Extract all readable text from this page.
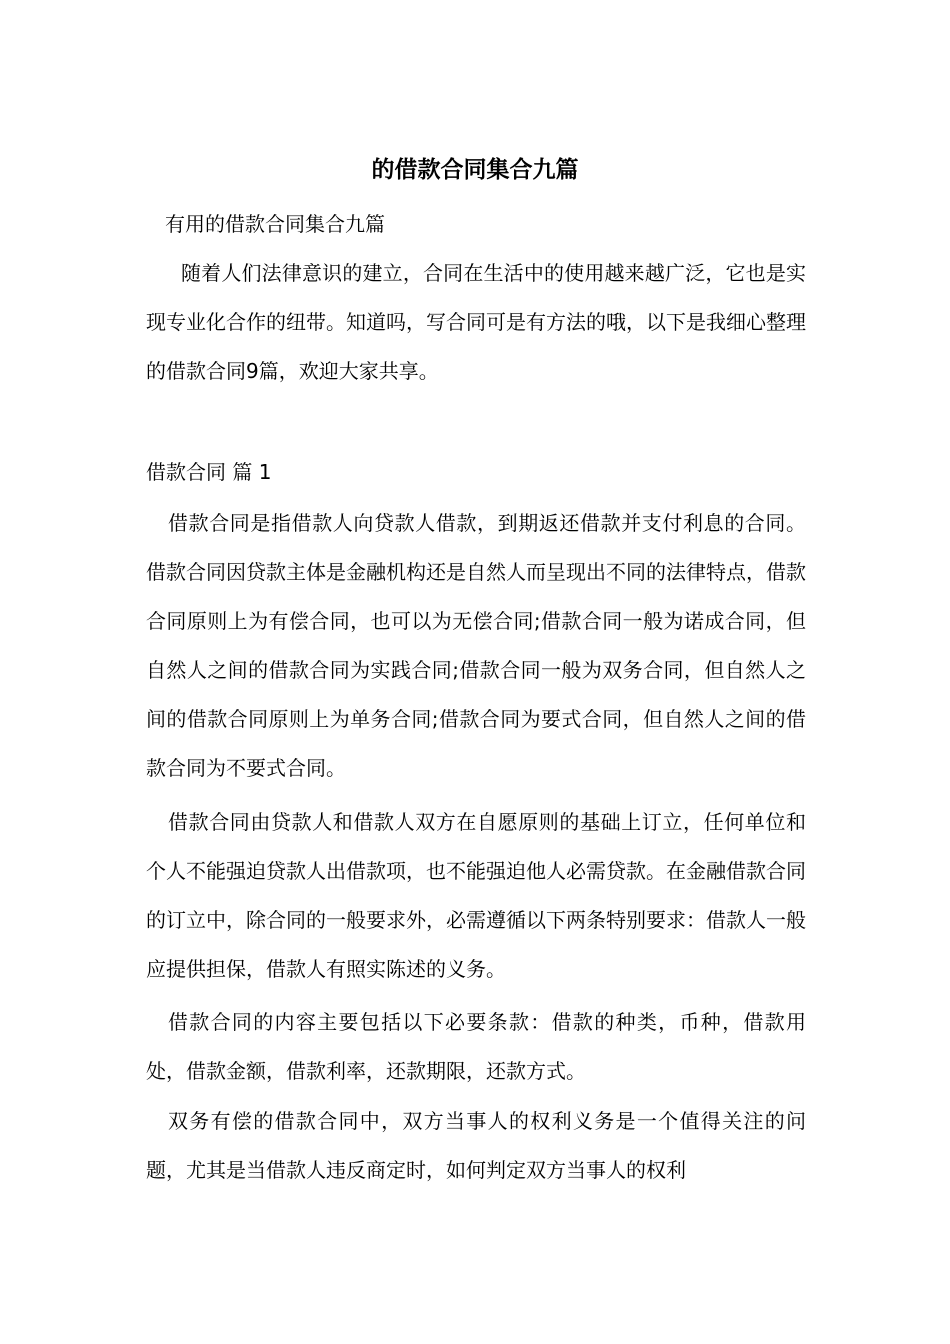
的借款合同集合九篇

有用的借款合同集合九篇

随着人们法律意识的建立，合同在生活中的使用越来越广泛，它也是实现专业化合作的纽带。知道吗，写合同可是有方法的哦，以下是我细心整理的借款合同9篇，欢迎大家共享。

借款合同 篇 1

借款合同是指借款人向贷款人借款，到期返还借款并支付利息的合同。借款合同因贷款主体是金融机构还是自然人而呈现出不同的法律特点，借款合同原则上为有偿合同，也可以为无偿合同;借款合同一般为诺成合同，但自然人之间的借款合同为实践合同;借款合同一般为双务合同，但自然人之间的借款合同原则上为单务合同;借款合同为要式合同，但自然人之间的借款合同为不要式合同。

借款合同由贷款人和借款人双方在自愿原则的基础上订立，任何单位和个人不能强迫贷款人出借款项，也不能强迫他人必需贷款。在金融借款合同的订立中，除合同的一般要求外，必需遵循以下两条特别要求：借款人一般应提供担保，借款人有照实陈述的义务。

借款合同的内容主要包括以下必要条款：借款的种类，币种，借款用处，借款金额，借款利率，还款期限，还款方式。

双务有偿的借款合同中，双方当事人的权利义务是一个值得关注的问题，尤其是当借款人违反商定时，如何判定双方当事人的权利
